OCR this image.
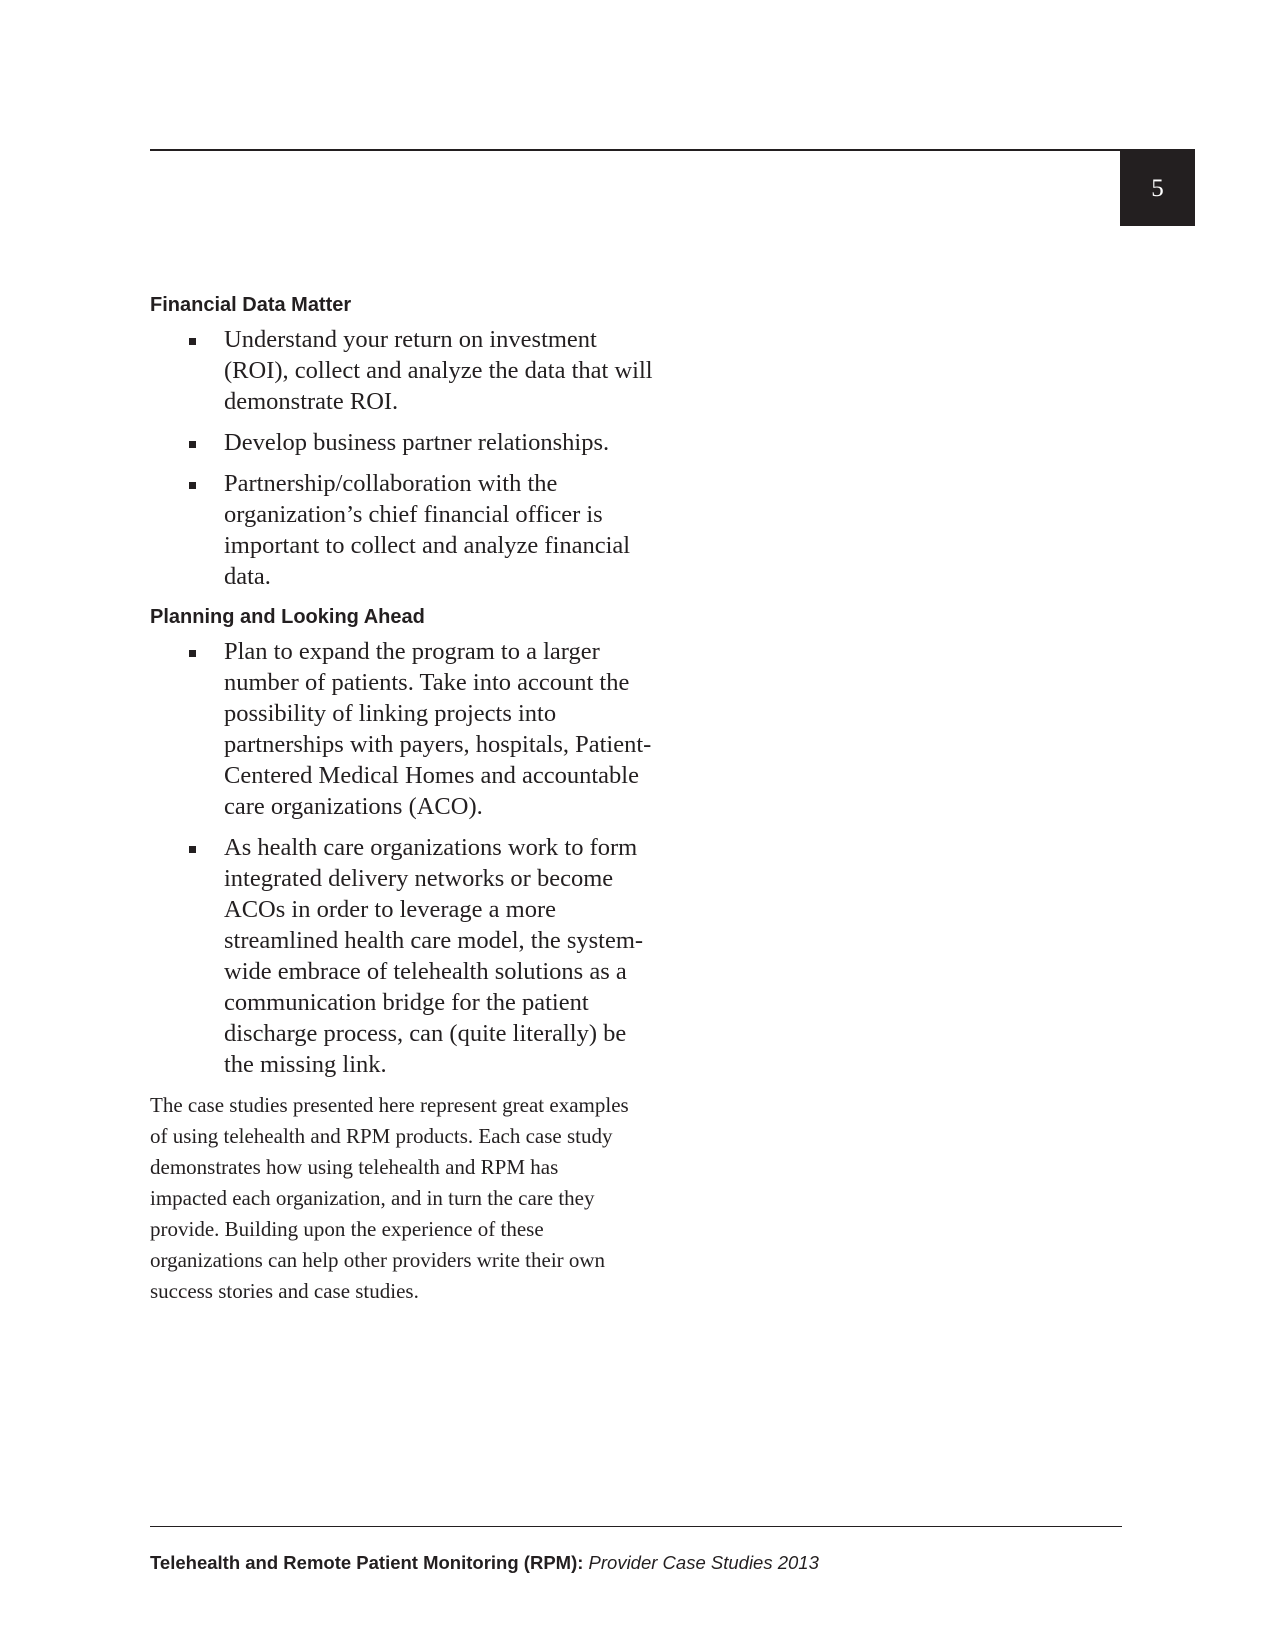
5
Financial Data Matter
Understand your return on investment (ROI), collect and analyze the data that will demonstrate ROI.
Develop business partner relationships.
Partnership/collaboration with the organization’s chief financial officer is important to collect and analyze financial data.
Planning and Looking Ahead
Plan to expand the program to a larger number of patients. Take into account the possibility of linking projects into partnerships with payers, hospitals, Patient-Centered Medical Homes and accountable care organizations (ACO).
As health care organizations work to form integrated delivery networks or become ACOs in order to leverage a more streamlined health care model, the system-wide embrace of telehealth solutions as a communication bridge for the patient discharge process, can (quite literally) be the missing link.

The case studies presented here represent great examples of using telehealth and RPM products. Each case study demonstrates how using telehealth and RPM has impacted each organization, and in turn the care they provide. Building upon the experience of these organizations can help other providers write their own success stories and case studies.

Telehealth and Remote Patient Monitoring (RPM): Provider Case Studies 2013
